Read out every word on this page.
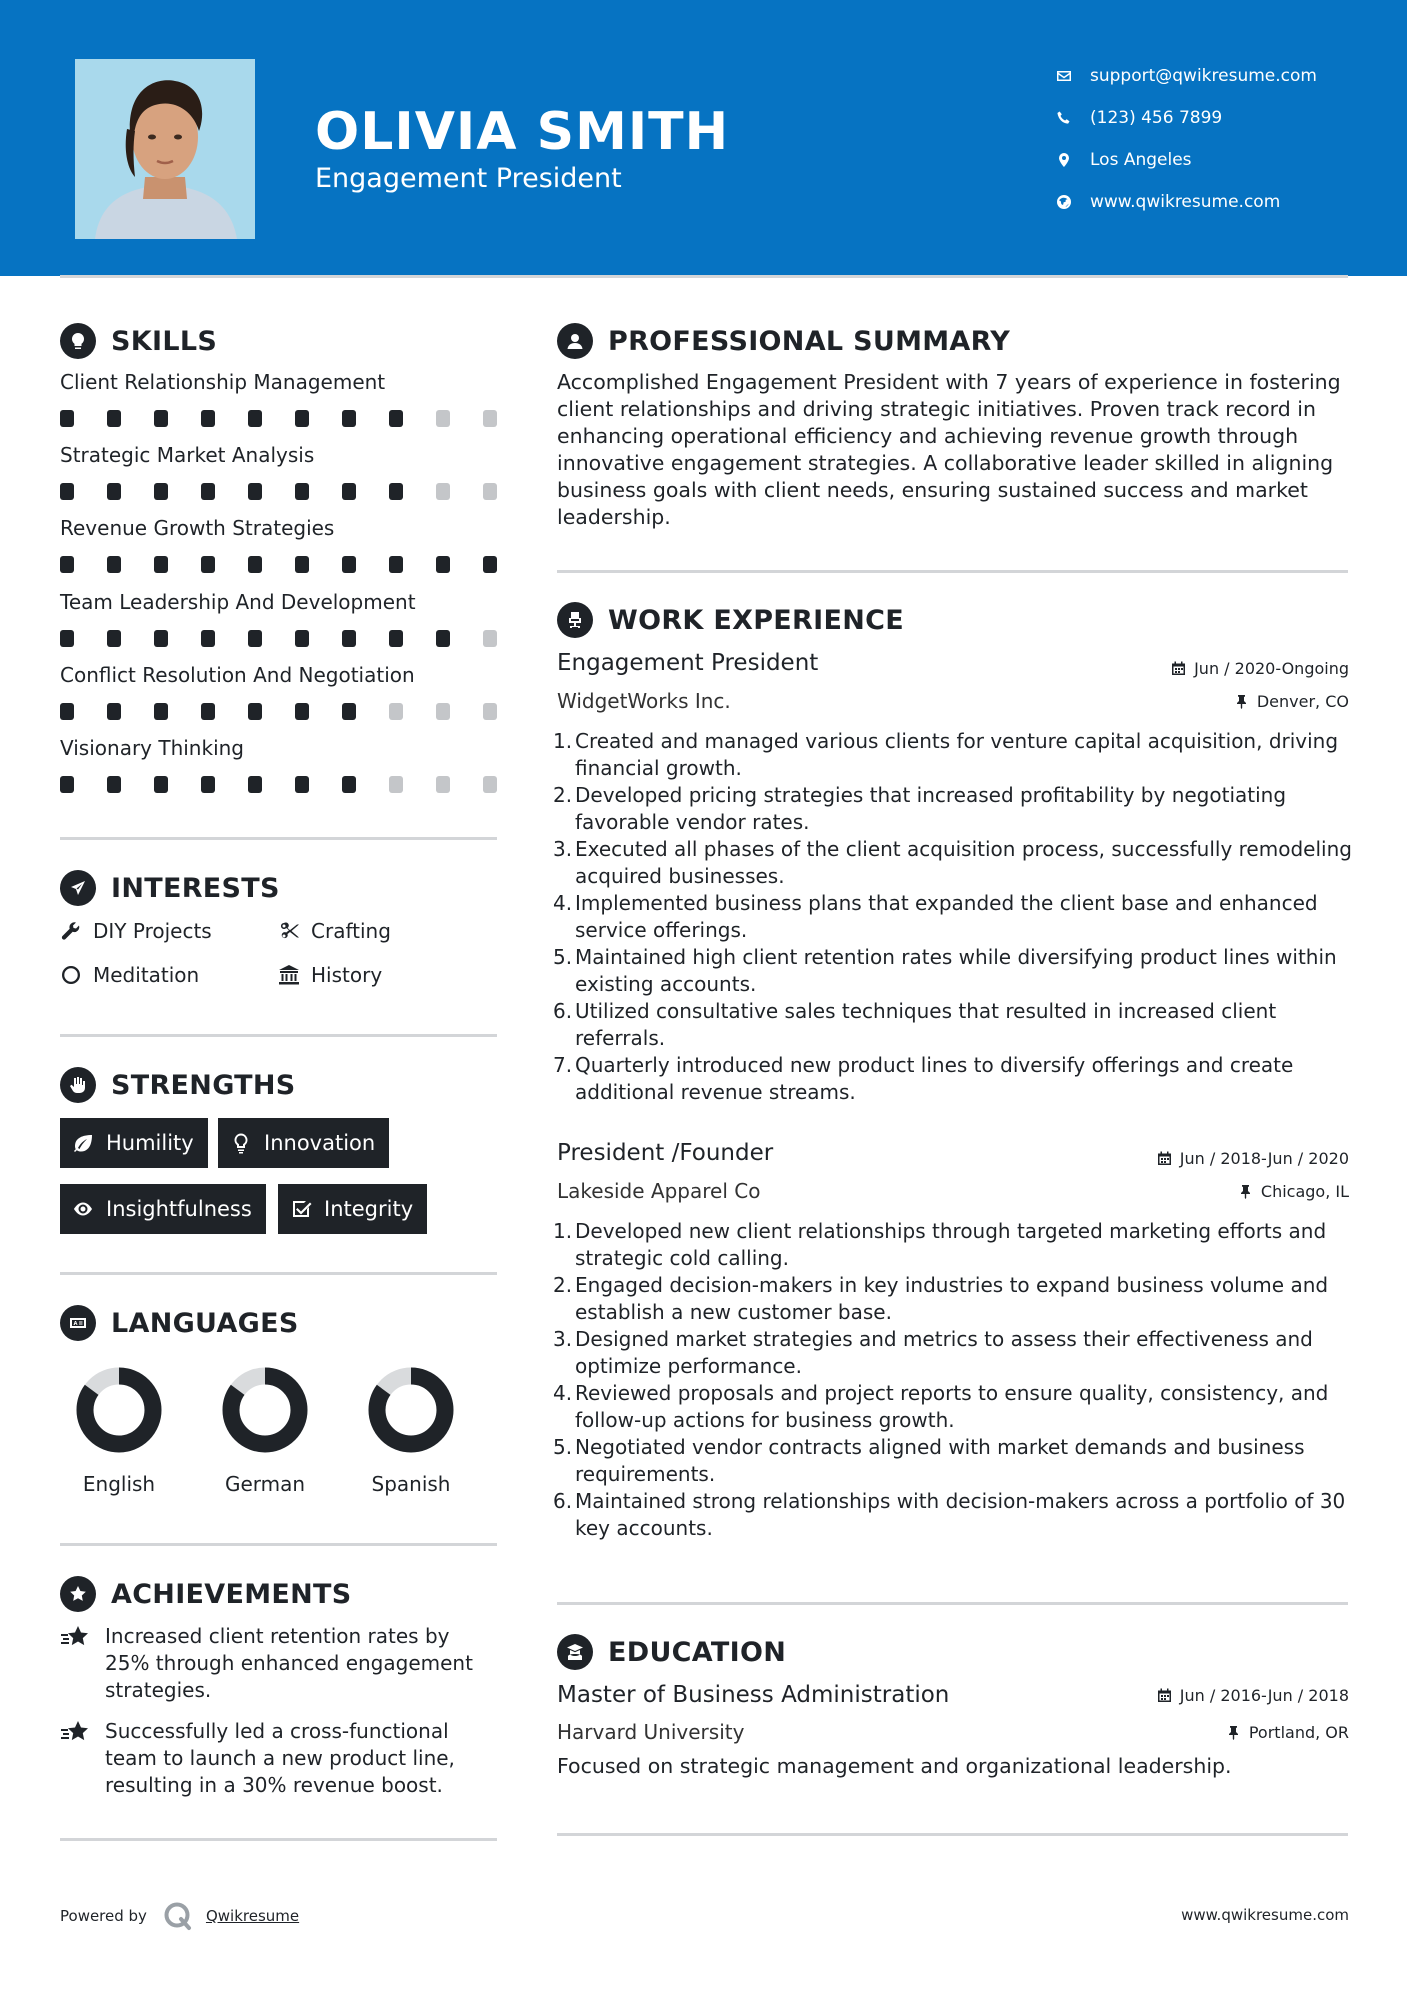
OLIVIA SMITH
Engagement President
support@qwikresume.com
(123) 456 7899
Los Angeles
www.qwikresume.com
SKILLS
Client Relationship Management
Strategic Market Analysis
Revenue Growth Strategies
Team Leadership And Development
Conflict Resolution And Negotiation
Visionary Thinking
INTERESTS
DIY Projects	Crafting
Meditation	History
STRENGTHS
Humility	Innovation
Insightfulness	Integrity
LANGUAGES
English	German	Spanish
ACHIEVEMENTS
Increased client retention rates by 25% through enhanced engagement strategies.
Successfully led a cross-functional team to launch a new product line, resulting in a 30% revenue boost.
PROFESSIONAL SUMMARY
Accomplished Engagement President with 7 years of experience in fostering client relationships and driving strategic initiatives. Proven track record in enhancing operational efficiency and achieving revenue growth through innovative engagement strategies. A collaborative leader skilled in aligning business goals with client needs, ensuring sustained success and market leadership.
WORK EXPERIENCE
Engagement President	Jun / 2020-Ongoing
WidgetWorks Inc.	Denver, CO
1. Created and managed various clients for venture capital acquisition, driving financial growth.
2. Developed pricing strategies that increased profitability by negotiating favorable vendor rates.
3. Executed all phases of the client acquisition process, successfully remodeling acquired businesses.
4. Implemented business plans that expanded the client base and enhanced service offerings.
5. Maintained high client retention rates while diversifying product lines within existing accounts.
6. Utilized consultative sales techniques that resulted in increased client referrals.
7. Quarterly introduced new product lines to diversify offerings and create additional revenue streams.
President /Founder	Jun / 2018-Jun / 2020
Lakeside Apparel Co	Chicago, IL
1. Developed new client relationships through targeted marketing efforts and strategic cold calling.
2. Engaged decision-makers in key industries to expand business volume and establish a new customer base.
3. Designed market strategies and metrics to assess their effectiveness and optimize performance.
4. Reviewed proposals and project reports to ensure quality, consistency, and follow-up actions for business growth.
5. Negotiated vendor contracts aligned with market demands and business requirements.
6. Maintained strong relationships with decision-makers across a portfolio of 30 key accounts.
EDUCATION
Master of Business Administration	Jun / 2016-Jun / 2018
Harvard University	Portland, OR
Focused on strategic management and organizational leadership.
Powered by	Qwikresume	www.qwikresume.com
